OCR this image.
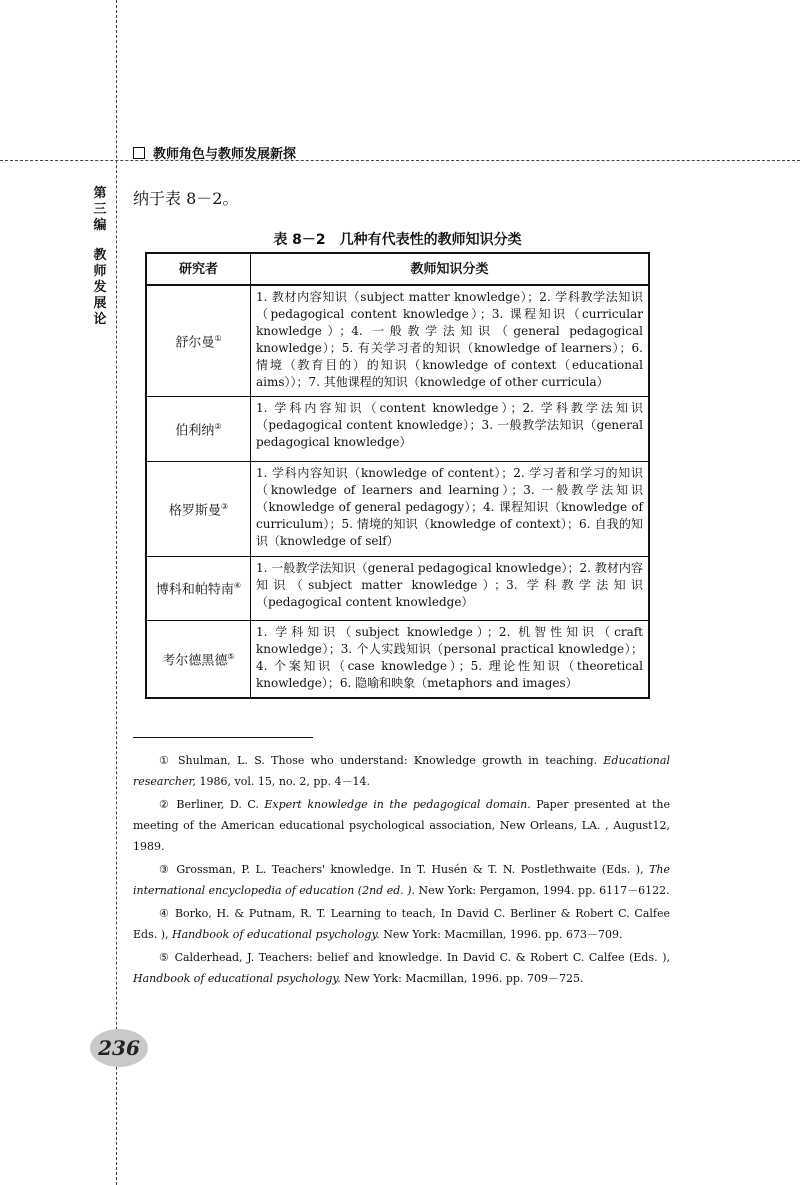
教师角色与教师发展新探
第三编
教师发展论
纳于表 8－2。
表 8－2　几种有代表性的教师知识分类
研究者	教师知识分类
舒尔曼①	1. 教材内容知识（subject matter knowledge）；2. 学科教学法知识（pedagogical content knowledge）；3. 课程知识（curricular knowledge）；4. 一般教学法知识（general pedagogical knowledge）；5. 有关学习者的知识（knowledge of learners）；6. 情境（教育目的）的知识（knowledge of context（educational aims））；7. 其他课程的知识（knowledge of other curricula）
伯利纳②	1. 学科内容知识（content knowledge）；2. 学科教学法知识（pedagogical content knowledge）；3. 一般教学法知识（general pedagogical knowledge）
格罗斯曼③	1. 学科内容知识（knowledge of content）；2. 学习者和学习的知识（knowledge of learners and learning）；3. 一般教学法知识（knowledge of general pedagogy）；4. 课程知识（knowledge of curriculum）；5. 情境的知识（knowledge of context）；6. 自我的知识（knowledge of self）
博科和帕特南④	1. 一般教学法知识（general pedagogical knowledge）；2. 教材内容知识（subject matter knowledge）；3. 学科教学法知识（pedagogical content knowledge）
考尔德黑德⑤	1. 学科知识（subject knowledge）；2. 机智性知识（craft knowledge）；3. 个人实践知识（personal practical knowledge）；4. 个案知识（case knowledge）；5. 理论性知识（theoretical knowledge）；6. 隐喻和映象（metaphors and images）

① Shulman, L. S. Those who understand: Knowledge growth in teaching. Educational researcher, 1986, vol. 15, no. 2, pp. 4－14.

② Berliner, D. C. Expert knowledge in the pedagogical domain. Paper presented at the meeting of the American educational psychological association, New Orleans, LA. , August12, 1989.

③ Grossman, P. L. Teachers' knowledge. In T. Husén & T. N. Postlethwaite (Eds. ), The international encyclopedia of education (2nd ed. ). New York: Pergamon, 1994. pp. 6117－6122.

④ Borko, H. & Putnam, R. T. Learning to teach, In David C. Berliner & Robert C. Calfee Eds. ), Handbook of educational psychology. New York: Macmillan, 1996. pp. 673－709.

⑤ Calderhead, J. Teachers: belief and knowledge. In David C. & Robert C. Calfee (Eds. ), Handbook of educational psychology. New York: Macmillan, 1996. pp. 709－725.

236
